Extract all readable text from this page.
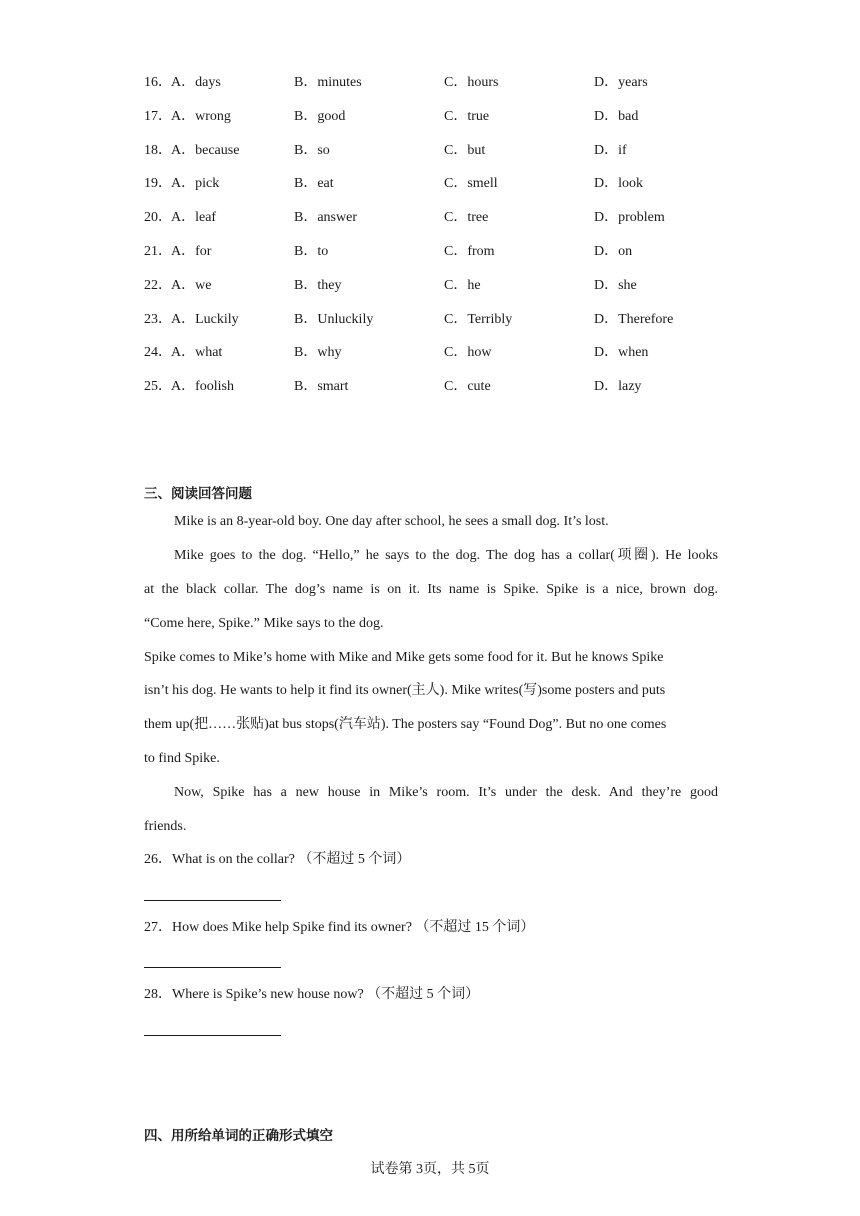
16． A．days	B．minutes	C．hours	D．years
17． A．wrong	B．good	C．true	D．bad
18． A．because	B．so	C．but	D．if
19． A．pick	B．eat	C．smell	D．look
20． A．leaf	B．answer	C．tree	D．problem
21． A．for	B．to	C．from	D．on
22． A．we	B．they	C．he	D．she
23． A．Luckily	B．Unluckily	C．Terribly	D．Therefore
24． A．what	B．why	C．how	D．when
25． A．foolish	B．smart	C．cute	D．lazy
三、阅读回答问题
Mike is an 8-year-old boy. One day after school, he sees a small dog. It’s lost.
Mike goes to the dog. “Hello,” he says to the dog. The dog has a collar(项圈). He looks
at the black collar. The dog’s name is on it. Its name is Spike. Spike is a nice, brown dog.
“Come here, Spike.” Mike says to the dog.
Spike comes to Mike’s home with Mike and Mike gets some food for it. But he knows Spike
isn’t his dog. He wants to help it find its owner(主人). Mike writes(写)some posters and puts
them up(把……张贴)at bus stops(汽车站). The posters say “Found Dog”. But no one comes
to find Spike.
Now, Spike has a new house in Mike’s room. It’s under the desk. And they’re good
friends.
26．What is on the collar? （不超过 5 个词）
27．How does Mike help Spike find its owner? （不超过 15 个词）
28．Where is Spike’s new house now? （不超过 5 个词）
四、用所给单词的正确形式填空
试卷第 3页，共 5页
